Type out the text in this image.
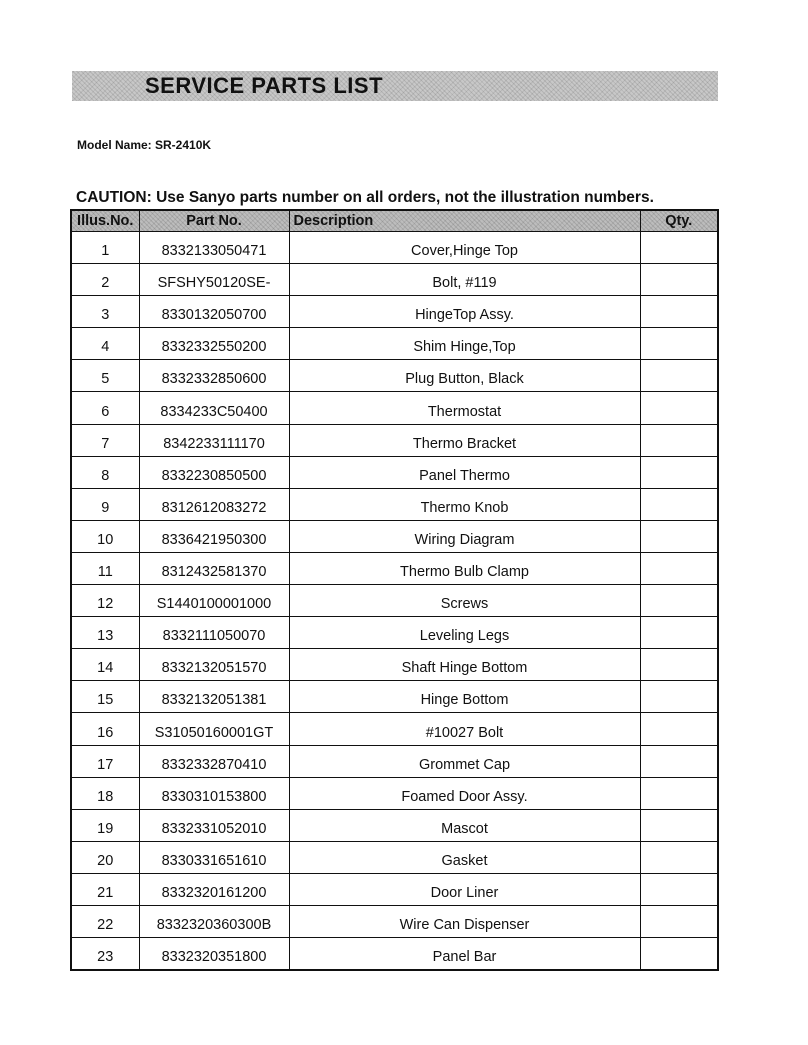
SERVICE PARTS LIST
Model Name: SR-2410K
CAUTION: Use Sanyo parts number on all orders, not the illustration numbers.
Illus.No.	Part No.	Description	Qty.
1	8332133050471	Cover,Hinge Top	
2	SFSHY50120SE-	Bolt, #119	
3	8330132050700	HingeTop Assy.	
4	8332332550200	Shim Hinge,Top	
5	8332332850600	Plug Button, Black	
6	8334233C50400	Thermostat	
7	8342233111170	Thermo Bracket	
8	8332230850500	Panel Thermo	
9	8312612083272	Thermo Knob	
10	8336421950300	Wiring Diagram	
11	8312432581370	Thermo Bulb Clamp	
12	S1440100001000	Screws	
13	8332111050070	Leveling Legs	
14	8332132051570	Shaft Hinge Bottom	
15	8332132051381	Hinge Bottom	
16	S31050160001GT	#10027 Bolt	
17	8332332870410	Grommet Cap	
18	8330310153800	Foamed Door Assy.	
19	8332331052010	Mascot	
20	8330331651610	Gasket	
21	8332320161200	Door Liner	
22	8332320360300B	Wire Can Dispenser	
23	8332320351800	Panel Bar	
